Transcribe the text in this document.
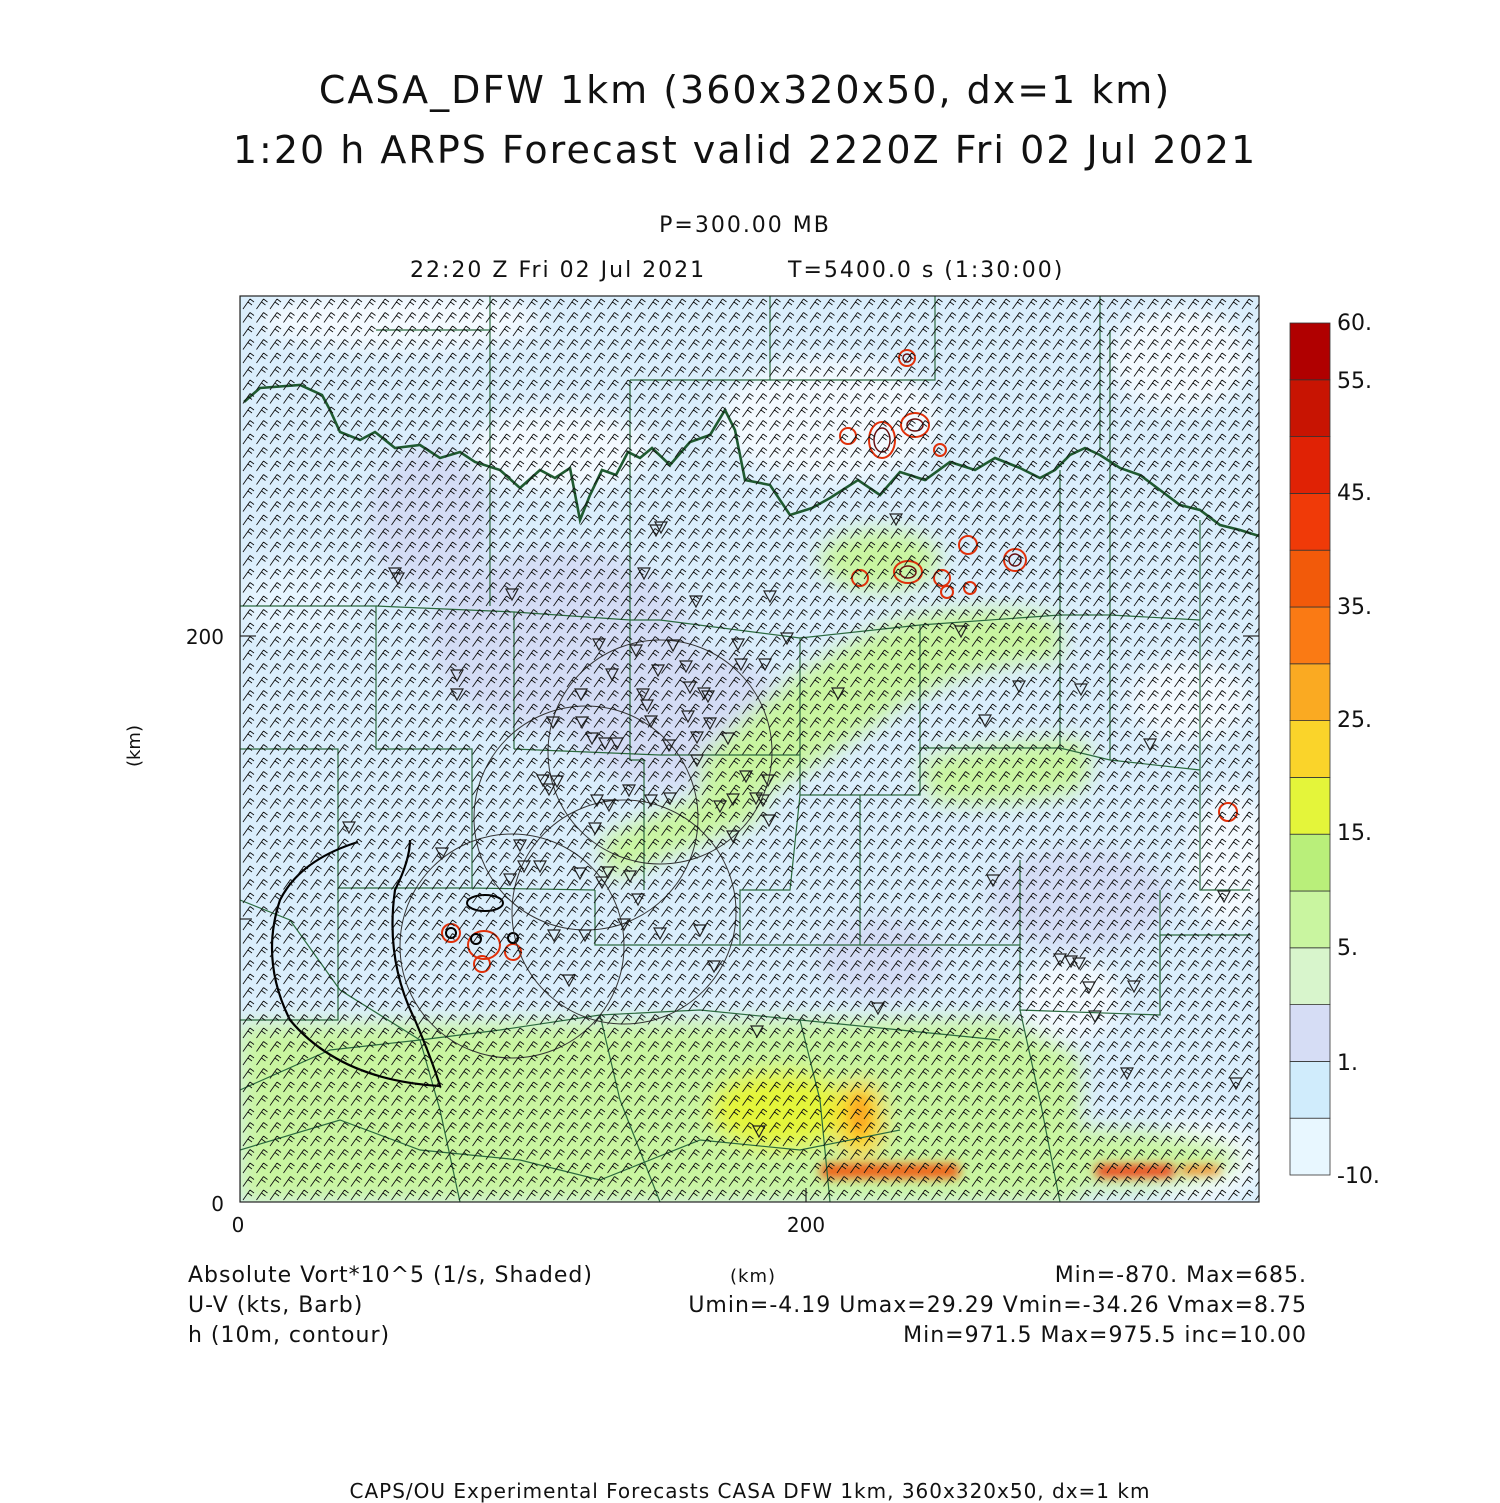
CASA_DFW 1km (360x320x50, dx=1 km)
1:20 h ARPS Forecast valid 2220Z Fri 02 Jul 2021
P=300.00 MB
22:20 Z Fri 02 Jul 2021	T=5400.0 s (1:30:00)
200
0
0	200
(km)
60.
55.
45.
35.
25.
15.
5.
1.
-10.
Absolute Vort*10^5 (1/s, Shaded)
U-V (kts, Barb)
h (10m, contour)
(km)	Min=-870. Max=685.
Umin=-4.19 Umax=29.29 Vmin=-34.26 Vmax=8.75
Min=971.5 Max=975.5 inc=10.00
CAPS/OU Experimental Forecasts CASA DFW 1km, 360x320x50, dx=1 km
